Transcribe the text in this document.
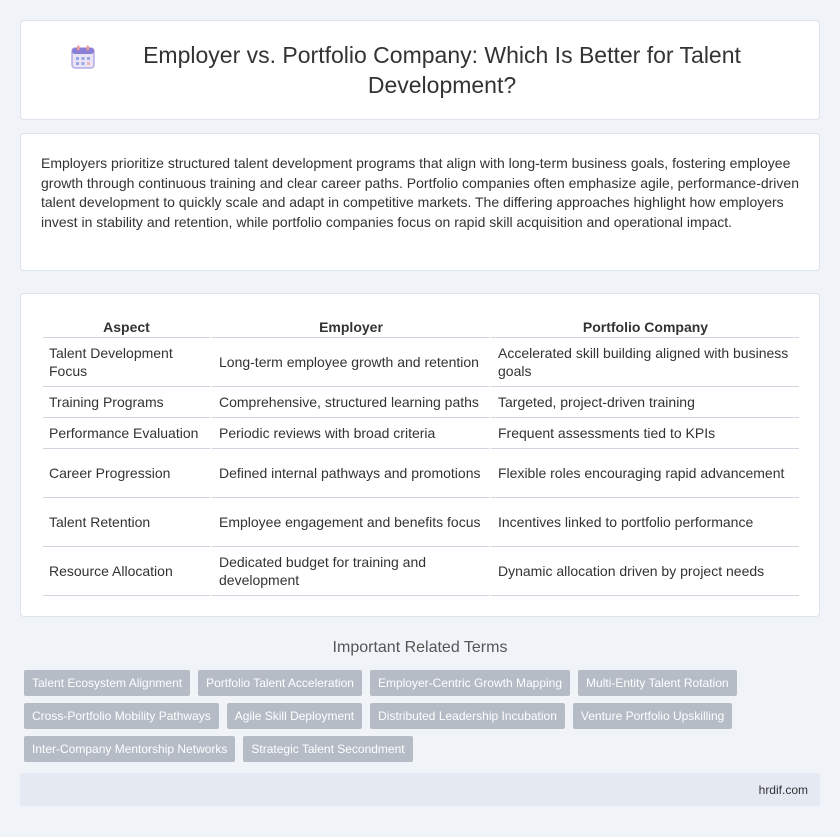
Employer vs. Portfolio Company: Which Is Better for Talent Development?

Employers prioritize structured talent development programs that align with long-term business goals, fostering employee growth through continuous training and clear career paths. Portfolio companies often emphasize agile, performance-driven talent development to quickly scale and adapt in competitive markets. The differing approaches highlight how employers invest in stability and retention, while portfolio companies focus on rapid skill acquisition and operational impact.

Aspect	Employer	Portfolio Company
Talent Development Focus	Long-term employee growth and retention	Accelerated skill building aligned with business goals
Training Programs	Comprehensive, structured learning paths	Targeted, project-driven training
Performance Evaluation	Periodic reviews with broad criteria	Frequent assessments tied to KPIs
Career Progression	Defined internal pathways and promotions	Flexible roles encouraging rapid advancement
Talent Retention	Employee engagement and benefits focus	Incentives linked to portfolio performance
Resource Allocation	Dedicated budget for training and development	Dynamic allocation driven by project needs
Important Related Terms
Talent Ecosystem Alignment	Portfolio Talent Acceleration	Employer-Centric Growth Mapping	Multi-Entity Talent Rotation
Cross-Portfolio Mobility Pathways	Agile Skill Deployment	Distributed Leadership Incubation	Venture Portfolio Upskilling
Inter-Company Mentorship Networks	Strategic Talent Secondment
hrdif.com
